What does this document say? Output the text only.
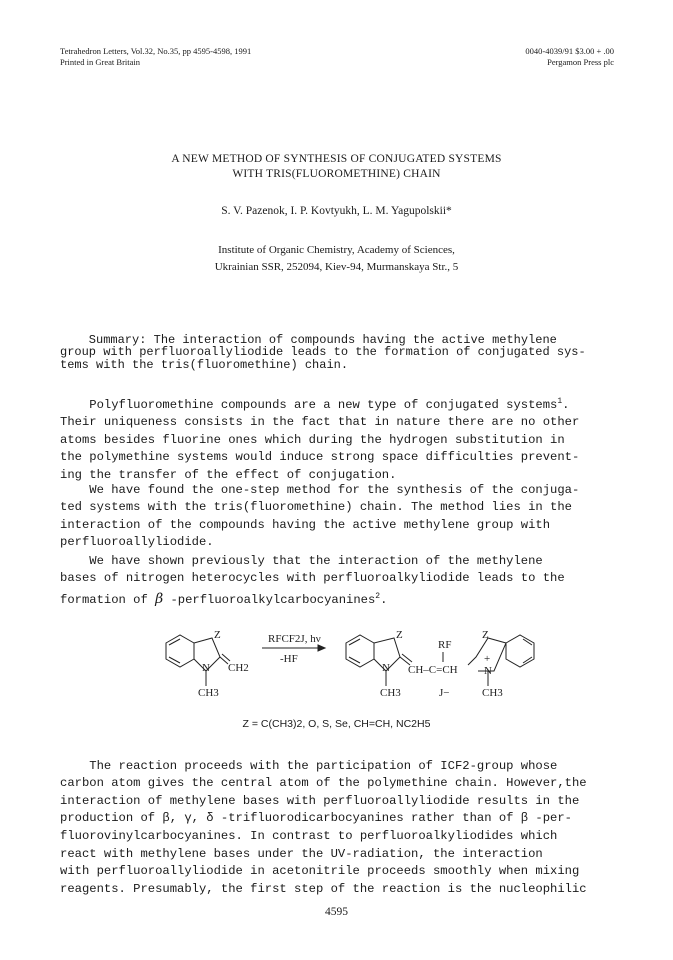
Tetrahedron Letters, Vol.32, No.35, pp 4595-4598, 1991
Printed in Great Britain
0040-4039/91 $3.00 + .00
Pergamon Press plc
A NEW METHOD OF SYNTHESIS OF CONJUGATED SYSTEMS
WITH TRIS(FLUOROMETHINE) CHAIN
S. V. Pazenok, I. P. Kovtyukh, L. M. Yagupolskii*
Institute of Organic Chemistry, Academy of Sciences,
Ukrainian SSR, 252094, Kiev-94, Murmanskaya Str., 5

Summary: The interaction of compounds having the active methylene
group with perfluoroallyliodide leads to the formation of conjugated sys-
tems with the tris(fluoromethine) chain.

Polyfluoromethine compounds are a new type of conjugated systems$^1$.
Their uniqueness consists in the fact that in nature there are no other
atoms besides fluorine ones which during the hydrogen substitution in
the polymethine systems would induce strong space difficulties prevent-
ing the transfer of the effect of conjugation.

We have found the one-step method for the synthesis of the conjuga-
ted systems with the tris(fluoromethine) chain. The method lies in the
interaction of the compounds having the active methylene group with
perfluoroallyliodide.

We have shown previously that the interaction of the methylene
bases of nitrogen heterocycles with perfluoroalkyliodide leads to the
formation of β -perfluoroalkylcarbocyanines$^2$.

Z
N CH2
CH3
RFCF2J, hν
-HF
Z
N
CH3
RF
CH–C=CH
J−
Z
+
N
CH3
Z = C(CH3)2, O, S, Se, CH=CH, NC2H5

The reaction proceeds with the participation of ICF2-group whose
carbon atom gives the central atom of the polymethine chain. However,the
interaction of methylene bases with perfluoroallyliodide results in the
production of β, γ, δ -trifluorodicarbocyanines rather than of β -per-
fluorovinylcarbocyanines. In contrast to perfluoroalkyliodides which
react with methylene bases under the UV-radiation, the interaction
with perfluoroallyliodide in acetonitrile proceeds smoothly when mixing
reagents. Presumably, the first step of the reaction is the nucleophilic

4595
